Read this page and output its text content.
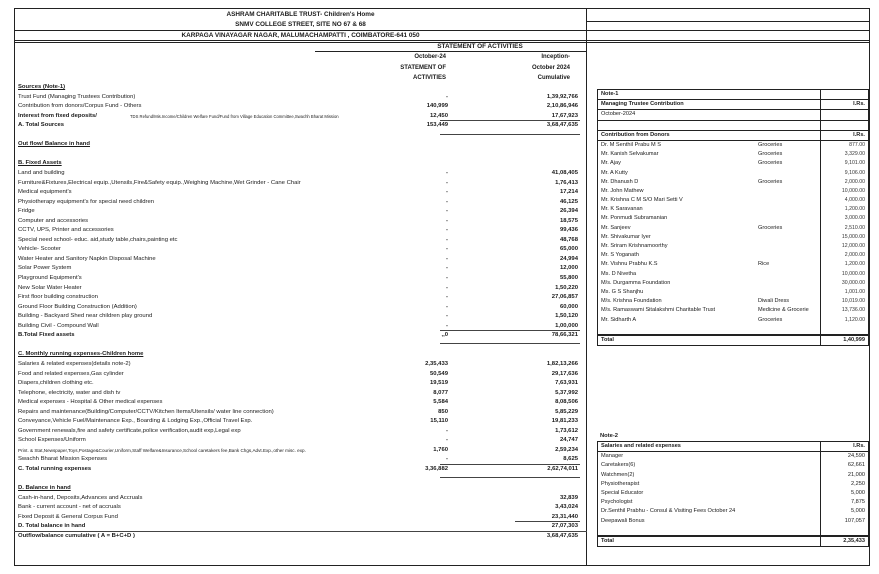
ASHRAM CHARITABLE TRUST- Children's Home
SNMV COLLEGE STREET, SITE NO 67 & 68
KARPAGA VINAYAGAR NAGAR, MALUMACHAMPATTI , COIMBATORE-641 050
STATEMENT OF ACTIVITIES
October-24
STATEMENT OF
ACTIVITIES
Inception-
October 2024
Cumulative
Sources (Note-1)
Trust Fund (Managing Trustees Contribution)	-	1,39,92,766
Contribution from donors/Corpus Fund - Others	140,999	2,10,86,946
Interest from fixed deposits/	12,450	17,67,923
TDS Refund/Mis.Income/Children Welfare Fund/Fund from Village Education Committee,Swachh Bharat Mission
A. Total Sources	153,449	3,68,47,635
Out flow/ Balance in hand
B. Fixed Assets
Land and building	-	41,08,405
Furniture&Fixtures,Electrical equip.,Utensils,Fire&Safety equip.,Weighing Machine,Wet Grinder - Cane Chair	-	1,76,413
Medical equipment's	-	17,214
Physiotherapy equipment's for special need children	-	46,125
Fridge	-	26,394
Computer and accessories	-	18,575
CCTV, UPS, Printer and accessories	-	99,436
Special need school- educ. aid,study table,chairs,painting etc	-	48,768
Vehicle- Scooter	-	65,000
Water Heater and Sanitory Napkin Disposal Machine	-	24,994
Solar Power System	-	12,000
Playground Equipment's	-	55,800
New Solar Water Heater	-	1,50,220
First floor building construction	-	27,06,857
Ground Floor Building Construction (Addition)	-	60,000
Building - Backyard Shed near children play ground	-	1,50,120
Building Civil - Compound Wall	-	1,00,000
B.Total Fixed assets	,,0	78,66,321
C. Monthly running expenses-Children home
Salaries & related expenses(details note-2)	2,35,433	1,82,13,266
Food and related expenses,Gas cylinder	50,549	29,17,636
Diapers,children clothing etc.	19,519	7,63,931
Telephone, electricity, water and dish tv	8,077	5,37,992
Medical expenses - Hospital & Other medical expenses	5,584	8,08,506
Repairs and maintenance(Building/Computer/CCTV/Kitchen Items/Utensils/ water line connection)	850	5,85,229
Conveyance,Vehicle Fuel/Maintenance Exp., Boarding & Lodging Exp.,Official Travel Exp.	15,110	19,81,233
Government renewals,fire and safety certificate,police verification,audit exp,Legal exp	-	1,73,612
School Expenses/Uniform	-	24,747
Print. & Stat,Newspaper,Toys,Postage&Courier,Uniform,Staff Welfare&Insurance,School caretakers fee,Bank Chgs,Advt.Exp.,other misc. exp.	1,760	2,59,234
Swachh Bharat Mission Expenses	-	8,625
C. Total running expenses	3,36,882	2,62,74,011
D. Balance in hand
Cash-in-hand, Deposits,Advances and Accruals	32,839
Bank - current account - net of accruals	3,43,024
Fixed Deposit & General Corpus Fund	23,31,440
D. Total balance in hand	27,07,303
Outflow/balance cumulative ( A = B+C+D )	3,68,47,635
Note-1
Managing Trustee Contribution	I.Rs.
October-2024
Contribution from Donors	I.Rs.
Dr. M Senthil Prabu M S	Groceries	877.00
Mr. Kanish Selvakumar	Groceries	3,329.00
Mr. Ajay	Groceries	9,101.00
Mr. A Kutty	9,106.00
Mr. Dhanush D	Groceries	2,000.00
Mr. John Mathew	10,000.00
Mr. Krishna C M S/O Mari Setti V	4,000.00
Mr. K Saravanan	1,200.00
Mr. Ponmudi Subramanian	3,000.00
Mr. Sanjeev	Groceries	2,510.00
Mr. Shivakumar Iyer	15,000.00
Mr. Sriram Krishnamoorthy	12,000.00
Mr. S Yoganath	2,000.00
Mr. Vishnu Prabhu K.S	Rice	1,200.00
Ms. D Nivetha	10,000.00
M/s. Durgamma Foundation	30,000.00
Ms. G S Shanjhu	1,001.00
M/s. Krishna Foundation	Diwali Dress	10,019.00
M/s. Ramaswami Sitalakshmi Charitable Trust	Medicine & Grocerie	13,736.00
Mr. Sidharth A	Groceries	1,120.00
Total	1,40,999
Note-2
Salaries and related expenses	I.Rs.
Manager	24,590
Caretakers(6)	62,661
Watchmen(2)	21,000
Physiotherapist	2,250
Special Educator	5,000
Psychologist	7,875
Dr.Senthil Prabhu - Consul & Visiting Fees October 24	5,000
Deepawali Bonus	107,057
Total	2,35,433
